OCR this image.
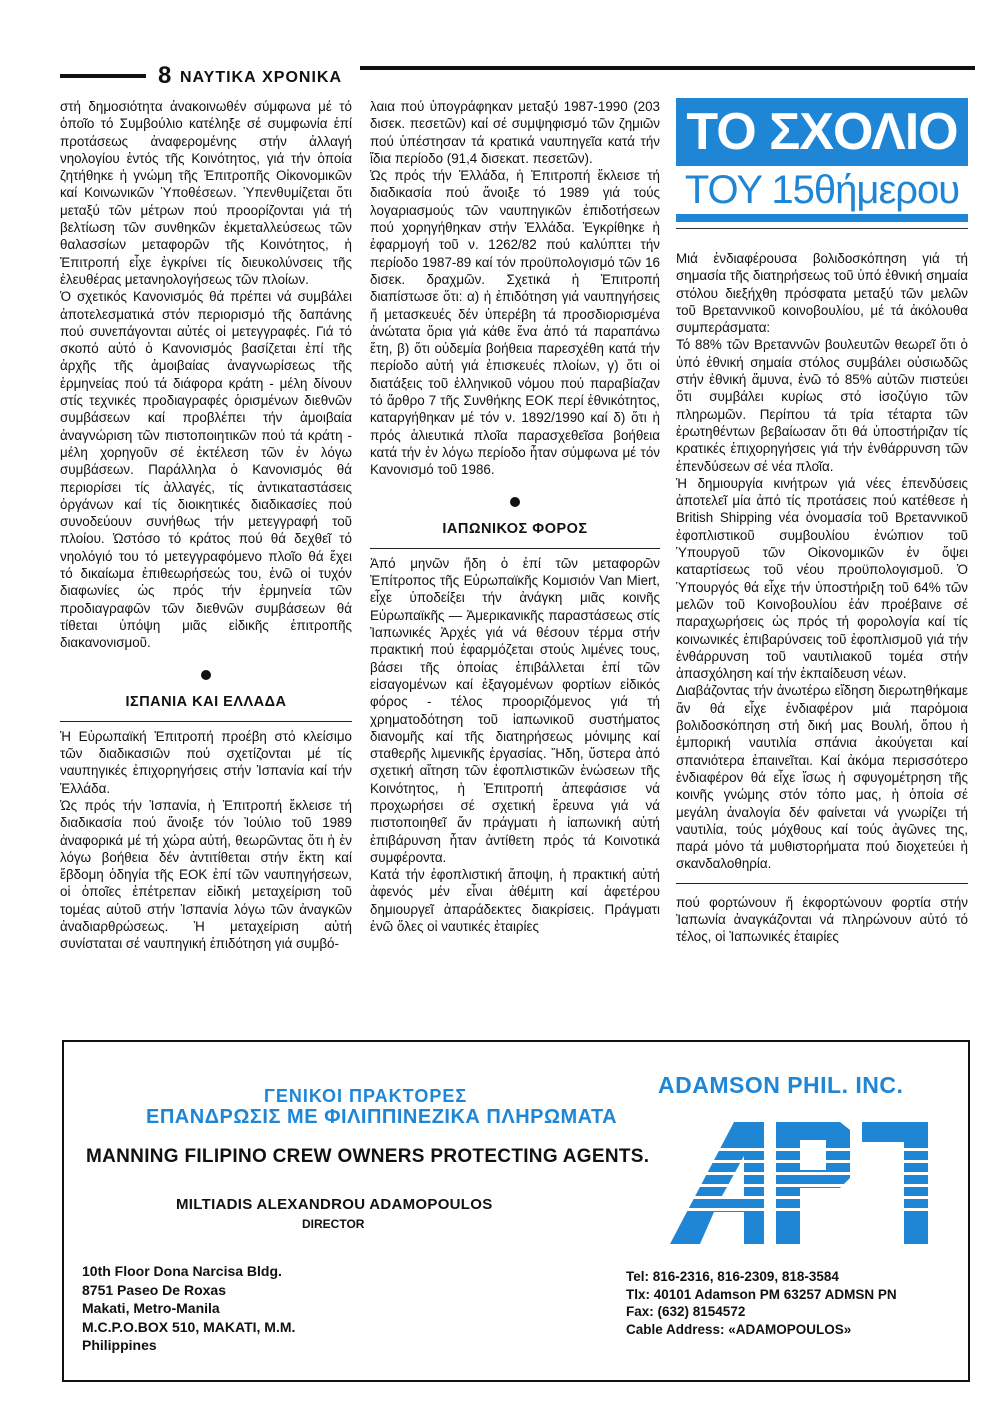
8 ΝΑΥΤΙΚΑ ΧΡΟΝΙΚΑ

στή δημοσιότητα ἀνακοινωθέν σύμφωνα μέ τό ὁποῖο τό Συμβούλιο κατέληξε σέ συμφωνία ἐπί προτάσεως ἀναφερομένης στήν ἀλλαγή νηολογίου ἐντός τῆς Κοινότητος, γιά τήν ὁποία ζητήθηκε ἡ γνώμη τῆς Ἐπιτροπῆς Οἰκονομικῶν καί Κοινωνικῶν Ὑποθέσεων. Ὑπενθυμίζεται ὅτι μεταξύ τῶν μέτρων πού προορίζονται γιά τή βελτίωση τῶν συνθηκῶν ἐκμεταλλεύσεως τῶν θαλασσίων μεταφορῶν τῆς Κοινότητος, ἡ Ἐπιτροπή εἶχε ἐγκρίνει τίς διευκολύνσεις τῆς ἐλευθέρας μετανηολογήσεως τῶν πλοίων.

Ὁ σχετικός Κανονισμός θά πρέπει νά συμβάλει ἀποτελεσματικά στόν περιορισμό τῆς δαπάνης πού συνεπάγονται αὐτές οἱ μετεγγραφές. Γιά τό σκοπό αὐτό ὁ Κανονισμός βασίζεται ἐπί τῆς ἀρχῆς τῆς ἀμοιβαίας ἀναγνωρίσεως τῆς ἑρμηνείας πού τά διάφορα κράτη - μέλη δίνουν στίς τεχνικές προδιαγραφές ὁρισμένων διεθνῶν συμβάσεων καί προβλέπει τήν ἀμοιβαία ἀναγνώριση τῶν πιστοποιητικῶν πού τά κράτη - μέλη χορηγοῦν σέ ἐκτέλεση τῶν ἐν λόγω συμβάσεων. Παράλληλα ὁ Κανονισμός θά περιορίσει τίς ἀλλαγές, τίς ἀντικαταστάσεις ὀργάνων καί τίς διοικητικές διαδικασίες πού συνοδεύουν συνήθως τήν μετεγγραφή τοῦ πλοίου. Ὡστόσο τό κράτος πού θά δεχθεῖ τό νηολόγιό του τό μετεγγραφόμενο πλοῖο θά ἔχει τό δικαίωμα ἐπιθεωρήσεώς του, ἐνῶ οἱ τυχόν διαφωνίες ὡς πρός τήν ἑρμηνεία τῶν προδιαγραφῶν τῶν διεθνῶν συμβάσεων θά τίθεται ὑπόψη μιᾶς εἰδικῆς ἐπιτροπῆς διακανονισμοῦ.

ΙΣΠΑΝΙΑ ΚΑΙ ΕΛΛΑΔΑ

Ἡ Εὐρωπαϊκή Ἐπιτροπή προέβη στό κλείσιμο τῶν διαδικασιῶν πού σχετίζονται μέ τίς ναυπηγικές ἐπιχορηγήσεις στήν Ἰσπανία καί τήν Ἑλλάδα.

Ὡς πρός τήν Ἰσπανία, ἡ Ἐπιτροπή ἔκλεισε τή διαδικασία πού ἄνοιξε τόν Ἰούλιο τοῦ 1989 ἀναφορικά μέ τή χώρα αὐτή, θεωρῶντας ὅτι ἡ ἐν λόγω βοήθεια δέν ἀντιτίθεται στήν ἕκτη καί ἕβδομη ὁδηγία τῆς ΕΟΚ ἐπί τῶν ναυπηγήσεων, οἱ ὁποῖες ἐπέτρεπαν εἰδική μεταχείριση τοῦ τομέας αὐτοῦ στήν Ἰσπανία λόγω τῶν ἀναγκῶν ἀναδιαρθρώσεως. Ἡ μεταχείριση αὐτή συνίσταται σέ ναυπηγική ἐπιδότηση γιά συμβό-

λαια πού ὑπογράφηκαν μεταξύ 1987-1990 (203 δισεκ. πεσετῶν) καί σέ συμψηφισμό τῶν ζημιῶν πού ὑπέστησαν τά κρατικά ναυπηγεῖα κατά τήν ἴδια περίοδο (91,4 δισεκατ. πεσετῶν).

Ὡς πρός τήν Ἑλλάδα, ἡ Ἐπιτροπή ἔκλεισε τή διαδικασία πού ἄνοιξε τό 1989 γιά τούς λογαριασμούς τῶν ναυπηγικῶν ἐπιδοτήσεων πού χορηγήθηκαν στήν Ἑλλάδα. Ἐγκρίθηκε ἡ ἐφαρμογή τοῦ ν. 1262/82 πού καλύπτει τήν περίοδο 1987-89 καί τόν προϋπολογισμό τῶν 16 δισεκ. δραχμῶν. Σχετικά ἡ Ἐπιτροπή διαπίστωσε ὅτι: α) ἡ ἐπιδότηση γιά ναυπηγήσεις ἤ μετασκευές δέν ὑπερέβη τά προσδιορισμένα ἀνώτατα ὅρια γιά κάθε ἕνα ἀπό τά παραπάνω ἔτη, β) ὅτι οὐδεμία βοήθεια παρεσχέθη κατά τήν περίοδο αὐτή γιά ἐπισκευές πλοίων, γ) ὅτι οἱ διατάξεις τοῦ ἑλληνικοῦ νόμου πού παραβίαζαν τό ἄρθρο 7 τῆς Συνθήκης ΕΟΚ περί ἐθνικότητος, καταργήθηκαν μέ τόν ν. 1892/1990 καί δ) ὅτι ἡ πρός ἁλιευτικά πλοῖα παρασχεθεῖσα βοήθεια κατά τήν ἐν λόγω περίοδο ἦταν σύμφωνα μέ τόν Κανονισμό τοῦ 1986.

ΙΑΠΩΝΙΚΟΣ ΦΟΡΟΣ

Ἀπό μηνῶν ἤδη ὁ ἐπί τῶν μεταφορῶν Ἐπίτροπος τῆς Εὐρωπαϊκῆς Κομισιόν Van Miert, εἶχε ὑποδείξει τήν ἀνάγκη μιᾶς κοινῆς Εὐρωπαϊκῆς — Ἀμερικανικῆς παραστάσεως στίς Ἰαπωνικές Ἀρχές γιά νά θέσουν τέρμα στήν πρακτική πού ἐφαρμόζεται στούς λιμένες τους, βάσει τῆς ὁποίας ἐπιβάλλεται ἐπί τῶν εἰσαγομένων καί ἐξαγομένων φορτίων εἰδικός φόρος - τέλος προοριζόμενος γιά τή χρηματοδότηση τοῦ ἰαπωνικοῦ συστήματος διανομῆς καί τῆς διατηρήσεως μόνιμης καί σταθερῆς λιμενικῆς ἐργασίας. Ἤδη, ὕστερα ἀπό σχετική αἴτηση τῶν ἐφοπλιστικῶν ἑνώσεων τῆς Κοινότητος, ἡ Ἐπιτροπή ἀπεφάσισε νά προχωρήσει σέ σχετική ἔρευνα γιά νά πιστοποιηθεῖ ἄν πράγματι ἡ ἰαπωνική αὐτή ἐπιβάρυνση ἦταν ἀντίθετη πρός τά Κοινοτικά συμφέροντα.

Κατά τήν ἐφοπλιστική ἄποψη, ἡ πρακτική αὐτή ἀφενός μέν εἶναι ἀθέμιτη καί ἀφετέρου δημιουργεῖ ἀπαράδεκτες διακρίσεις. Πράγματι ἐνῶ ὅλες οἱ ναυτικές ἑταιρίες

ΤΟ ΣΧΟΛΙΟ
ΤΟΥ 15θήμερου

Μιά ἐνδιαφέρουσα βολιδοσκόπηση γιά τή σημασία τῆς διατηρήσεως τοῦ ὑπό ἐθνική σημαία στόλου διεξήχθη πρόσφατα μεταξύ τῶν μελῶν τοῦ Βρεταννικοῦ κοινοβουλίου, μέ τά ἀκόλουθα συμπεράσματα:

Τό 88% τῶν Βρεταννῶν βουλευτῶν θεωρεῖ ὅτι ὁ ὑπό ἐθνική σημαία στόλος συμβάλει οὐσιωδῶς στήν ἐθνική ἄμυνα, ἐνῶ τό 85% αὐτῶν πιστεύει ὅτι συμβάλει κυρίως στό ἰσοζύγιο τῶν πληρωμῶν. Περίπου τά τρία τέταρτα τῶν ἐρωτηθέντων βεβαίωσαν ὅτι θά ὑποστήριζαν τίς κρατικές ἐπιχορηγήσεις γιά τήν ἐνθάρρυνση τῶν ἐπενδύσεων σέ νέα πλοῖα.

Ἡ δημιουργία κινήτρων γιά νέες ἐπενδύσεις ἀποτελεῖ μία ἀπό τίς προτάσεις πού κατέθεσε ἡ British Shipping νέα ὀνομασία τοῦ Βρεταννικοῦ ἐφοπλιστικοῦ συμβουλίου ἐνώπιον τοῦ Ὑπουργοῦ τῶν Οἰκονομικῶν ἐν ὄψει καταρτίσεως τοῦ νέου προϋπολογισμοῦ. Ὁ Ὑπουργός θά εἶχε τήν ὑποστήριξη τοῦ 64% τῶν μελῶν τοῦ Κοινοβουλίου ἐάν προέβαινε σέ παραχωρήσεις ὡς πρός τή φορολογία καί τίς κοινωνικές ἐπιβαρύνσεις τοῦ ἐφοπλισμοῦ γιά τήν ἐνθάρρυνση τοῦ ναυτιλιακοῦ τομέα στήν ἀπασχόληση καί τήν ἐκπαίδευση νέων.

Διαβάζοντας τήν ἀνωτέρω εἴδηση διερωτηθήκαμε ἄν θά εἶχε ἐνδιαφέρον μιά παρόμοια βολιδοσκόπηση στή δική μας Βουλή, ὅπου ἡ ἐμπορική ναυτιλία σπάνια ἀκούγεται καί σπανιότερα ἐπαινεῖται. Καί ἀκόμα περισσότερο ἐνδιαφέρον θά εἶχε ἴσως ἡ σφυγομέτρηση τῆς κοινῆς γνώμης στόν τόπο μας, ἡ ὁποία σέ μεγάλη ἀναλογία δέν φαίνεται νά γνωρίζει τή ναυτιλία, τούς μόχθους καί τούς ἀγῶνες της, παρά μόνο τά μυθιστορήματα πού διοχετεύει ἡ σκανδαλοθηρία.

πού φορτώνουν ἤ ἐκφορτώνουν φορτία στήν Ἰαπωνία ἀναγκάζονται νά πληρώνουν αὐτό τό τέλος, οἱ Ἰαπωνικές ἑταιρίες

ΓΕΝΙΚΟΙ ΠΡΑΚΤΟΡΕΣ
ΕΠΑΝΔΡΩΣΙΣ ΜΕ ΦΙΛΙΠΠΙΝΕΖΙΚΑ ΠΛΗΡΩΜΑΤΑ
MANNING FILIPINO CREW OWNERS PROTECTING AGENTS.
MILTIADIS ALEXANDROU ADAMOPOULOS
DIRECTOR
10th Floor Dona Narcisa Bldg.
8751 Paseo De Roxas
Makati, Metro-Manila
M.C.P.O.BOX 510, MAKATI, M.M.
Philippines
ADAMSON PHIL. INC.
Tel: 816-2316, 816-2309, 818-3584
Tlx: 40101 Adamson PM 63257 ADMSN PN
Fax: (632) 8154572
Cable Address: «ADAMOPOULOS»
